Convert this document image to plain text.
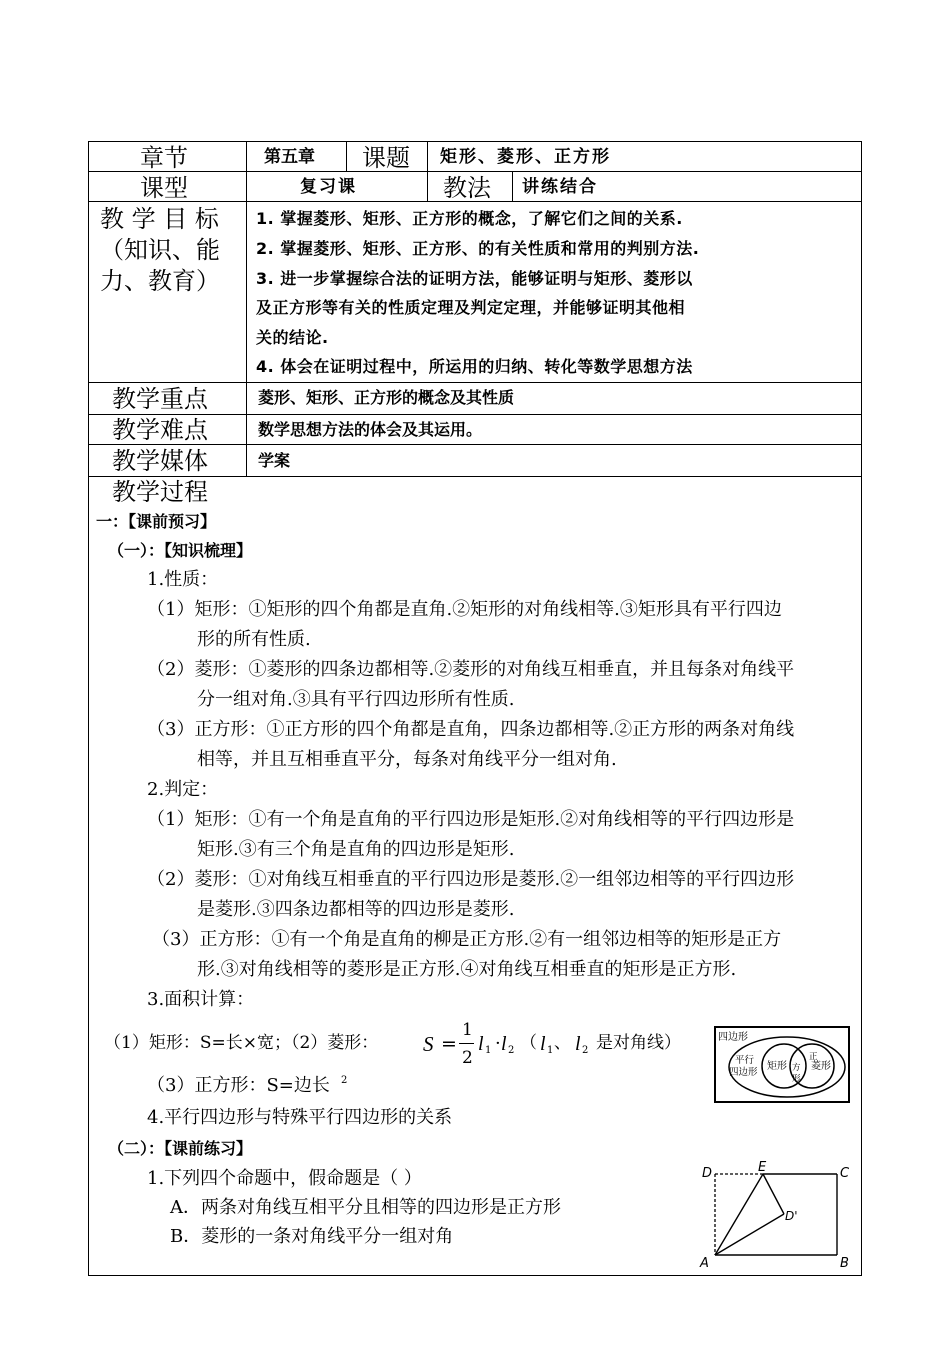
章节	第五章 课题 矩形、菱形、正方形
课型	复习课	教法 讲练结合
教 学 目 标
（知识、能
力、教育）
1. 掌握菱形、矩形、正方形的概念，了解它们之间的关系.
2. 掌握菱形、矩形、正方形、的有关性质和常用的判别方法.
3. 进一步掌握综合法的证明方法，能够证明与矩形、菱形以
及正方形等有关的性质定理及判定定理，并能够证明其他相
关的结论.
4. 体会在证明过程中，所运用的归纳、转化等数学思想方法
教学重点	菱形、矩形、正方形的概念及其性质
教学难点	数学思想方法的体会及其运用。
教学媒体	学案
教学过程
一：【课前预习】
（一）：【知识梳理】
1.性质：
（1）矩形：①矩形的四个角都是直角.②矩形的对角线相等.③矩形具有平行四边
形的所有性质.
（2）菱形：①菱形的四条边都相等.②菱形的对角线互相垂直，并且每条对角线平
分一组对角.③具有平行四边形所有性质.
（3）正方形：①正方形的四个角都是直角，四条边都相等.②正方形的两条对角线
相等，并且互相垂直平分，每条对角线平分一组对角.
2.判定：
（1）矩形：①有一个角是直角的平行四边形是矩形.②对角线相等的平行四边形是
矩形.③有三个角是直角的四边形是矩形.
（2）菱形：①对角线互相垂直的平行四边形是菱形.②一组邻边相等的平行四边形
是菱形.③四条边都相等的四边形是菱形.
（3）正方形：①有一个角是直角的柳是正方形.②有一组邻边相等的矩形是正方
形.③对角线相等的菱形是正方形.④对角线互相垂直的矩形是正方形.
3.面积计算：
（1）矩形：S=长×宽；（2）菱形： S =
1
2
l 1 · l 2 （ l 1 、 l 2 是对角线）
（3）正方形：S=边长 2
4.平行四边形与特殊平行四边形的关系
（二）：【课前练习】
1.下列四个命题中，假命题是（ ）
A．两条对角线互相平分且相等的四边形是正方形
B．菱形的一条对角线平分一组对角
四边形
平行
四边形
矩形
正
方
形
菱形
D	E	C
D'
A	B
